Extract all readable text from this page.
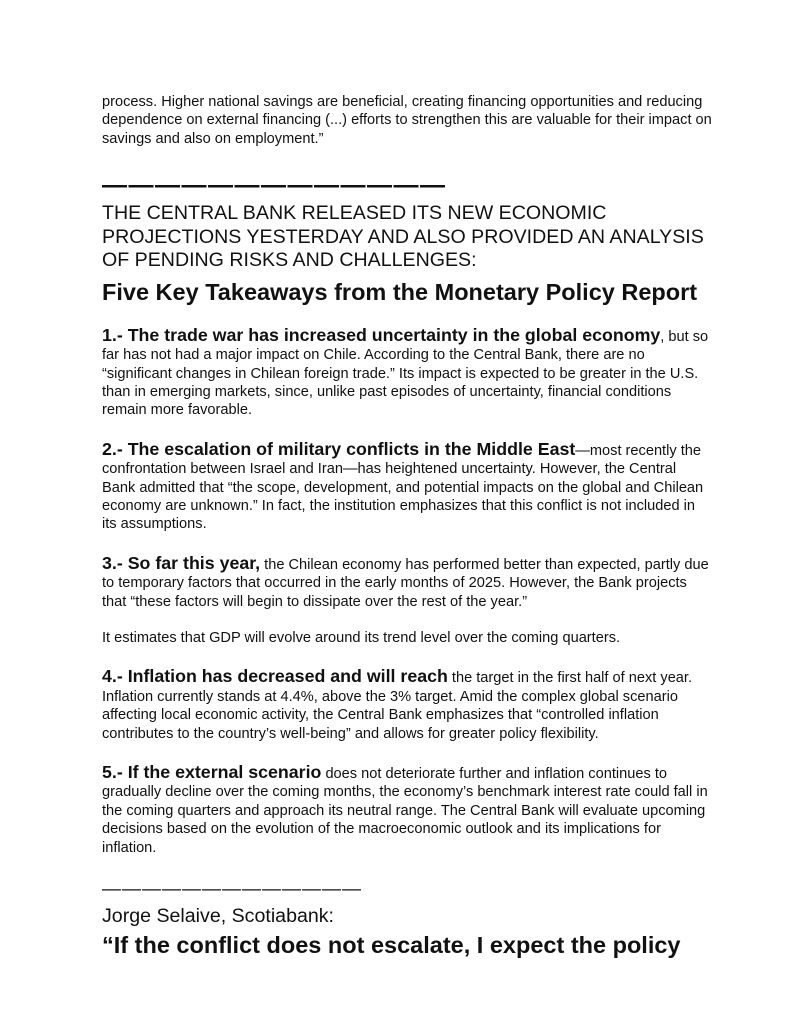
process. Higher national savings are beneficial, creating financing opportunities and reducing dependence on external financing (...) efforts to strengthen this are valuable for their impact on savings and also on employment.”

—————————————
THE CENTRAL BANK RELEASED ITS NEW ECONOMIC PROJECTIONS YESTERDAY AND ALSO PROVIDED AN ANALYSIS OF PENDING RISKS AND CHALLENGES:
Five Key Takeaways from the Monetary Policy Report

1.- The trade war has increased uncertainty in the global economy, but so far has not had a major impact on Chile. According to the Central Bank, there are no “significant changes in Chilean foreign trade.” Its impact is expected to be greater in the U.S. than in emerging markets, since, unlike past episodes of uncertainty, financial conditions remain more favorable.

2.- The escalation of military conflicts in the Middle East—most recently the confrontation between Israel and Iran—has heightened uncertainty. However, the Central Bank admitted that “the scope, development, and potential impacts on the global and Chilean economy are unknown.” In fact, the institution emphasizes that this conflict is not included in its assumptions.

3.- So far this year, the Chilean economy has performed better than expected, partly due to temporary factors that occurred in the early months of 2025. However, the Bank projects that “these factors will begin to dissipate over the rest of the year.”

It estimates that GDP will evolve around its trend level over the coming quarters.

4.- Inflation has decreased and will reach the target in the first half of next year. Inflation currently stands at 4.4%, above the 3% target. Amid the complex global scenario affecting local economic activity, the Central Bank emphasizes that “controlled inflation contributes to the country’s well-being” and allows for greater policy flexibility.

5.- If the external scenario does not deteriorate further and inflation continues to gradually decline over the coming months, the economy’s benchmark interest rate could fall in the coming quarters and approach its neutral range. The Central Bank will evaluate upcoming decisions based on the evolution of the macroeconomic outlook and its implications for inflation.

—————————————
Jorge Selaive, Scotiabank:
“If the conflict does not escalate, I expect the policy
